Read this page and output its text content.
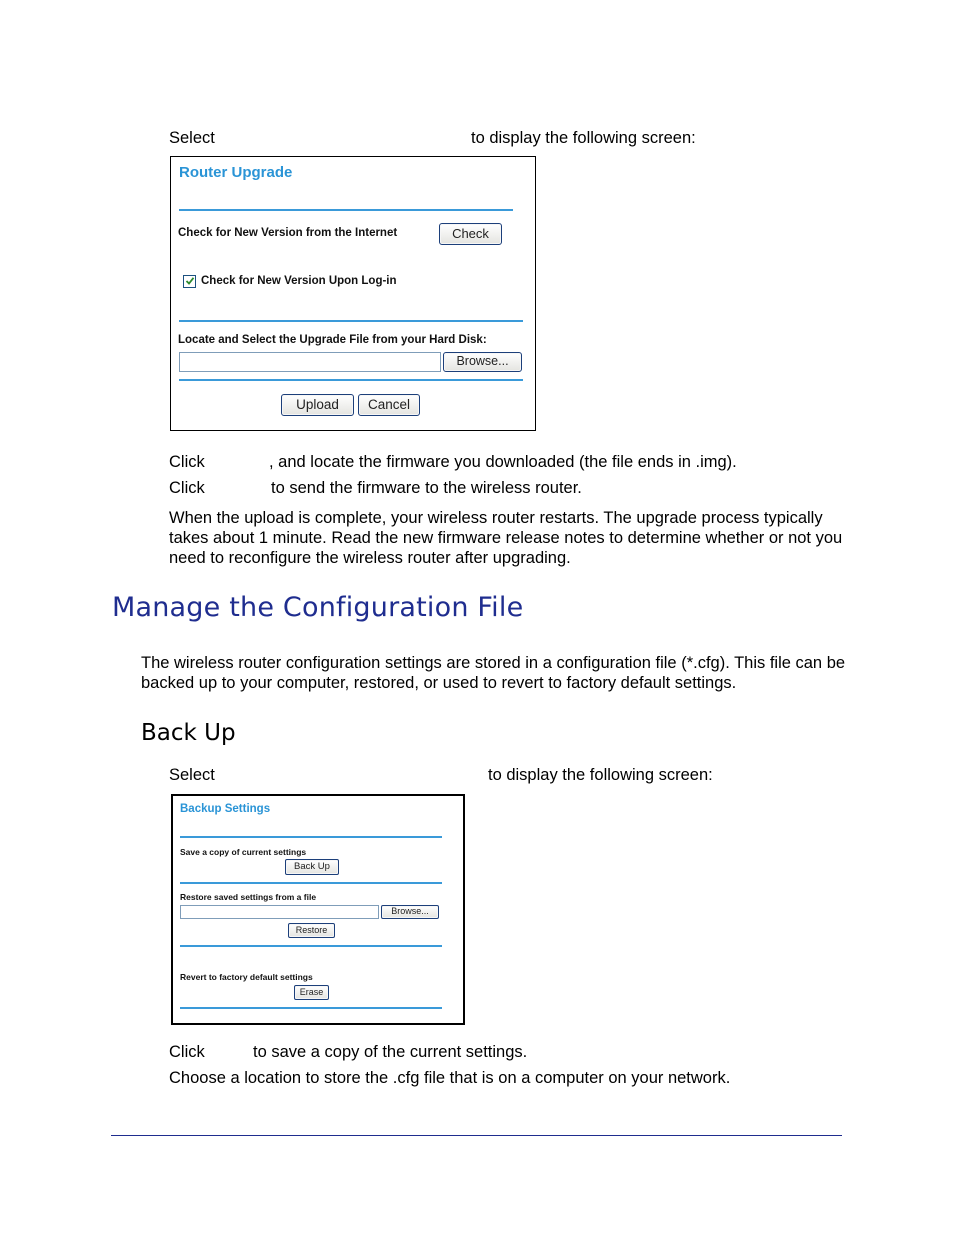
Select	to display the following screen:
Router Upgrade
Check for New Version from the Internet	Check
Check for New Version Upon Log-in
Locate and Select the Upgrade File from your Hard Disk:
Browse...
Upload	Cancel
Click	, and locate the firmware you downloaded (the file ends in .img).
Click	to send the firmware to the wireless router.
When the upload is complete, your wireless router restarts. The upgrade process typically takes about 1 minute. Read the new firmware release notes to determine whether or not you need to reconfigure the wireless router after upgrading.
Manage the Configuration File
The wireless router configuration settings are stored in a configuration file (*.cfg). This file can be backed up to your computer, restored, or used to revert to factory default settings.
Back Up
Select	to display the following screen:
Backup Settings
Save a copy of current settings
Back Up
Restore saved settings from a file
Browse...
Restore
Revert to factory default settings
Erase
Click	to save a copy of the current settings.
Choose a location to store the .cfg file that is on a computer on your network.
